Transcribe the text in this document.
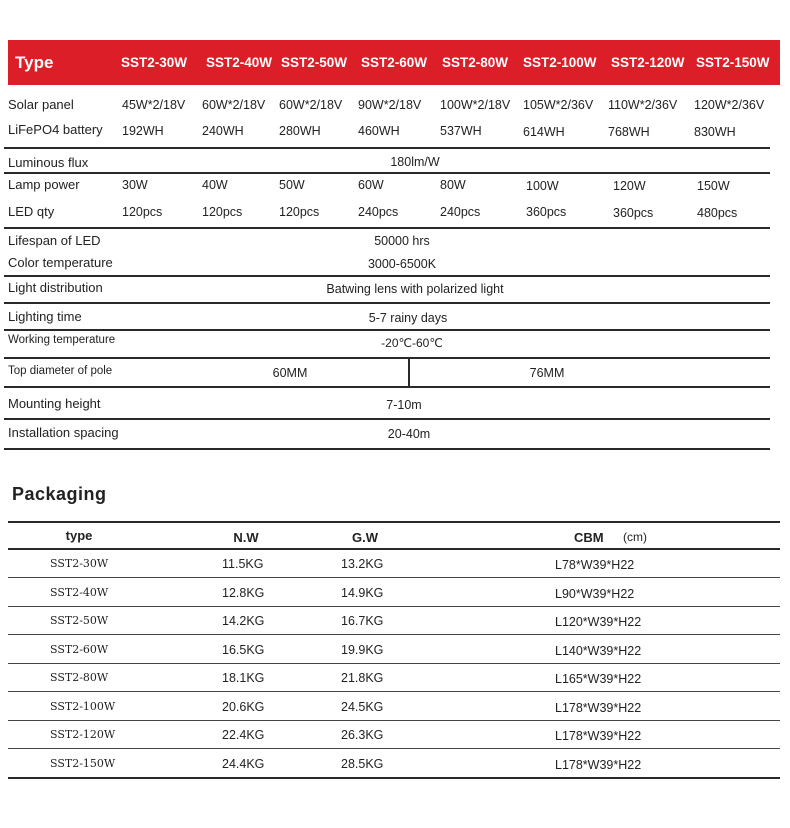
Type	SST2-30W SST2-40W SST2-50W SST2-60W SST2-80W SST2-100W SST2-120W SST2-150W
Solar panel	45W*2/18V 60W*2/18V 60W*2/18V 90W*2/18V 100W*2/18V 105W*2/36V 110W*2/36V 120W*2/36V
LiFePO4 battery 192WH	240WH	280WH	460WH	537WH	614WH	768WH	830WH
Luminous flux	180lm/W
Lamp power	30W	40W	50W	60W	80W	100W	120W	150W
LED qty	120pcs	120pcs	120pcs	240pcs	240pcs	360pcs	360pcs	480pcs
Lifespan of LED	50000 hrs
Color temperature	3000-6500K
Light distribution	Batwing lens with polarized light
Lighting time	5-7 rainy days
Working temperature	-20℃-60℃
Top diameter of pole	60MM	76MM
Mounting height	7-10m
Installation spacing	20-40m
Packaging
type	N.W	G.W	CBM (cm)
SST2-30W	11.5KG	13.2KG	L78*W39*H22
SST2-40W	12.8KG	14.9KG	L90*W39*H22
SST2-50W	14.2KG	16.7KG	L120*W39*H22
SST2-60W	16.5KG	19.9KG	L140*W39*H22
SST2-80W	18.1KG	21.8KG	L165*W39*H22
SST2-100W	20.6KG	24.5KG	L178*W39*H22
SST2-120W	22.4KG	26.3KG	L178*W39*H22
SST2-150W	24.4KG	28.5KG	L178*W39*H22
